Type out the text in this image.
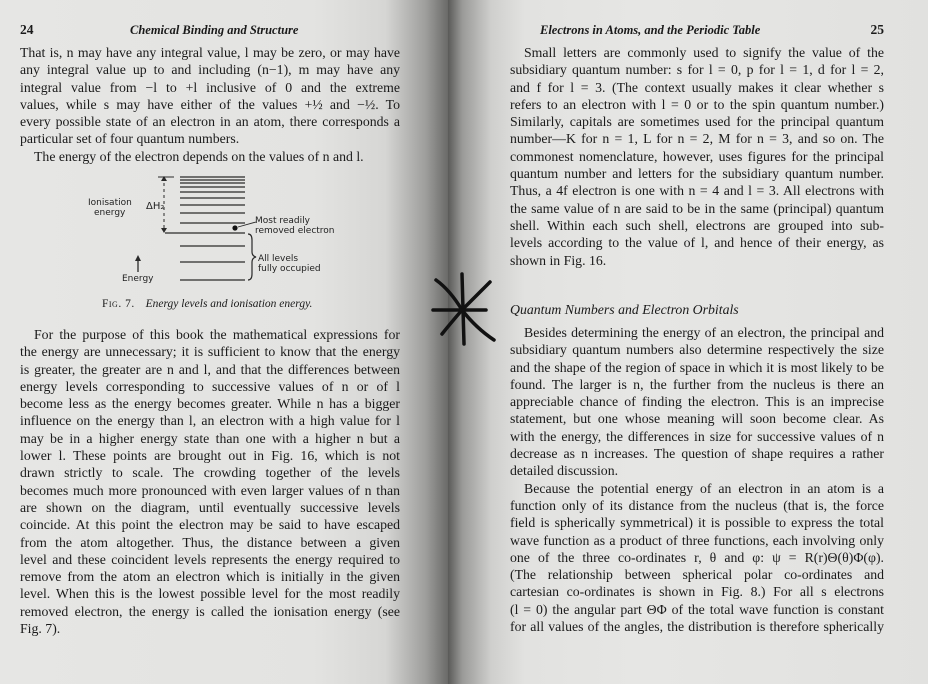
24	Chemical Binding and Structure
That is, n may have any integral value, l may be zero, or may have
any integral value up to and including (n−1), m may have any
integral value from −l to +l inclusive of 0 and the extreme
values, while s may have either of the values +½ and −½. To
every possible state of an electron in an atom, there corresponds a
particular set of four quantum numbers.
The energy of the electron depends on the values of n and l.
Ionisation
energy
ΔH₂
Most readily
removed electron
All levels
fully occupied
Energy
Fig. 7. Energy levels and ionisation energy.
For the purpose of this book the mathematical expressions for
the energy are unnecessary; it is sufficient to know that the energy
is greater, the greater are n and l, and that the differences between
energy levels corresponding to successive values of n or of l
become less as the energy becomes greater. While n has a bigger
influence on the energy than l, an electron with a high value for l
may be in a higher energy state than one with a higher n but a
lower l. These points are brought out in Fig. 16, which is not
drawn strictly to scale. The crowding together of the levels
becomes much more pronounced with even larger values of n than
are shown on the diagram, until eventually successive levels
coincide. At this point the electron may be said to have escaped
from the atom altogether. Thus, the distance between a given
level and these coincident levels represents the energy required to
remove from the atom an electron which is initially in the given
level. When this is the lowest possible level for the most readily
removed electron, the energy is called the ionisation energy (see
Fig. 7).
Electrons in Atoms, and the Periodic Table	25
Small letters are commonly used to signify the value of the
subsidiary quantum number: s for l = 0, p for l = 1, d for l = 2,
and f for l = 3. (The context usually makes it clear whether s
refers to an electron with l = 0 or to the spin quantum number.)
Similarly, capitals are sometimes used for the principal quantum
number—K for n = 1, L for n = 2, M for n = 3, and so on. The
commonest nomenclature, however, uses figures for the principal
quantum number and letters for the subsidiary quantum number.
Thus, a 4f electron is one with n = 4 and l = 3. All electrons with
the same value of n are said to be in the same (principal) quantum
shell. Within each such shell, electrons are grouped into sub-
levels according to the value of l, and hence of their energy, as
shown in Fig. 16.
Quantum Numbers and Electron Orbitals
Besides determining the energy of an electron, the principal and
subsidiary quantum numbers also determine respectively the size
and the shape of the region of space in which it is most likely to be
found. The larger is n, the further from the nucleus is there an
appreciable chance of finding the electron. This is an imprecise
statement, but one whose meaning will soon become clear. As
with the energy, the differences in size for successive values of n
decrease as n increases. The question of shape requires a rather
detailed discussion.
Because the potential energy of an electron in an atom is a
function only of its distance from the nucleus (that is, the force
field is spherically symmetrical) it is possible to express the total
wave function as a product of three functions, each involving only
one of the three co-ordinates r, θ and φ: ψ = R(r)Θ(θ)Φ(φ).
(The relationship between spherical polar co-ordinates and
cartesian co-ordinates is shown in Fig. 8.) For all s electrons
(l = 0) the angular part ΘΦ of the total wave function is constant
for all values of the angles, the distribution is therefore spherically
